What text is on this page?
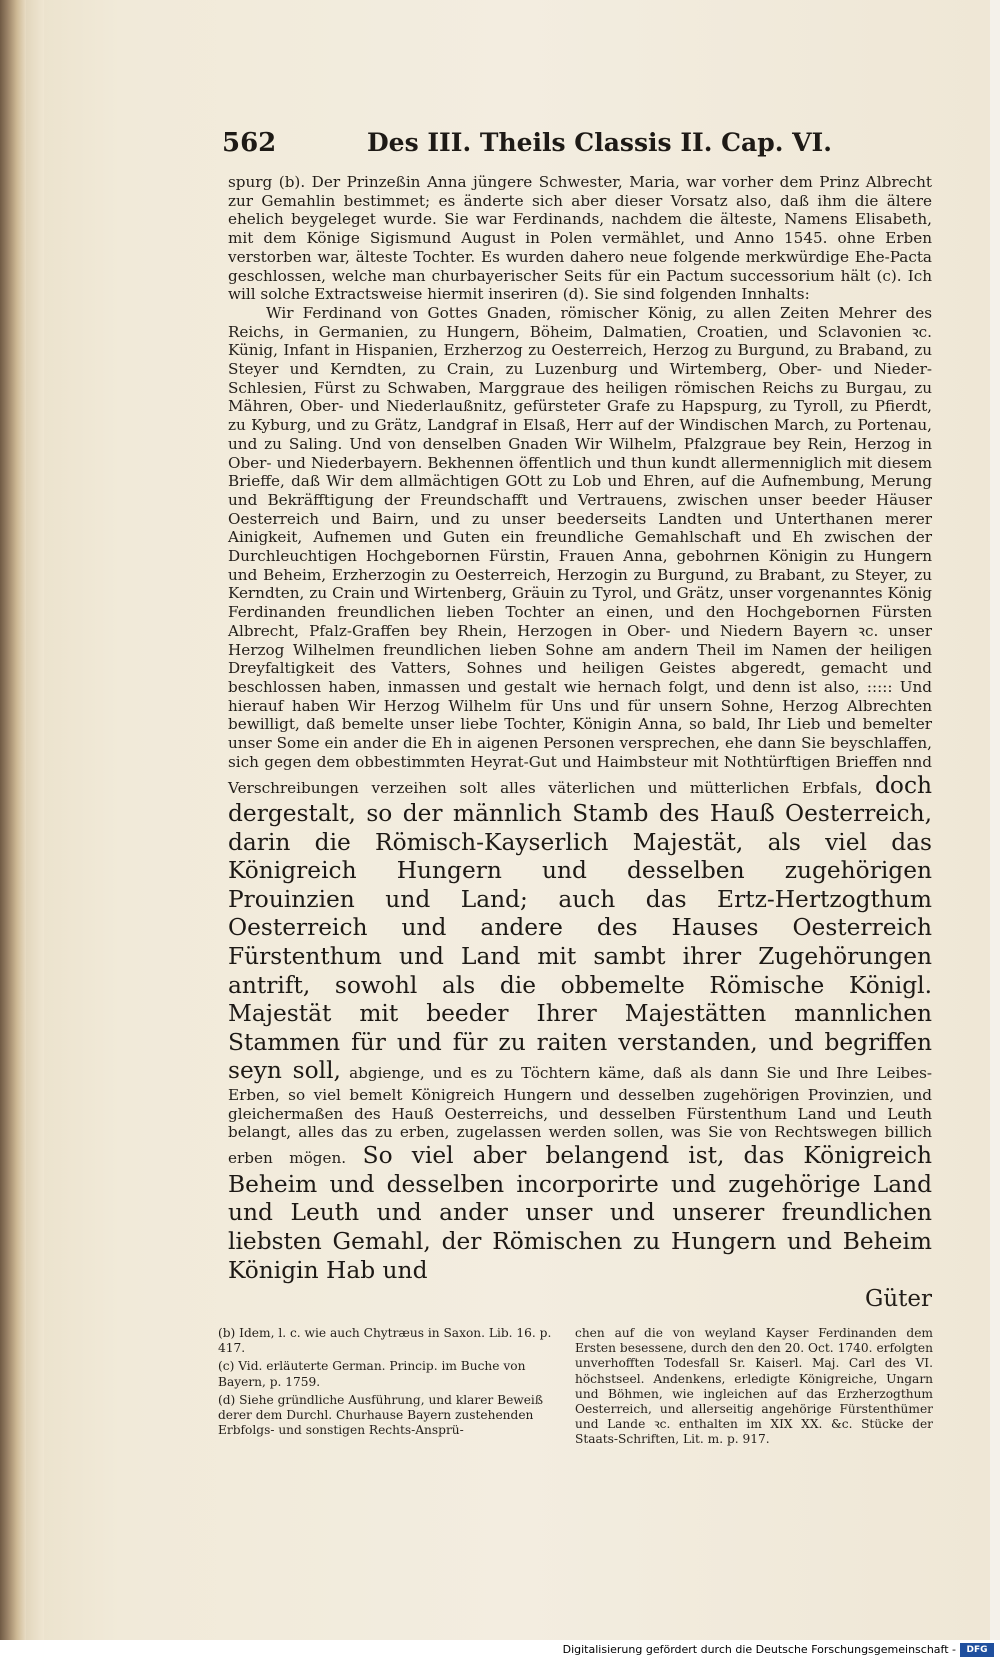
562	Des III. Theils Classis II. Cap. VI.

spurg (b). Der Prinzeßin Anna jüngere Schwester, Maria, war vorher dem Prinz Albrecht zur Gemahlin bestimmet; es änderte sich aber dieser Vorsatz also, daß ihm die ältere ehelich beygeleget wurde. Sie war Ferdinands, nachdem die älteste, Namens Elisabeth, mit dem Könige Sigismund August in Polen vermählet, und Anno 1545. ohne Erben verstorben war, älteste Tochter. Es wurden dahero neue folgende merkwürdige Ehe-Pacta geschlossen, welche man churbayerischer Seits für ein Pactum successorium hält (c). Ich will solche Extractsweise hiermit inseriren (d). Sie sind folgenden Innhalts:

Wir Ferdinand von Gottes Gnaden, römischer König, zu allen Zeiten Mehrer des Reichs, in Germanien, zu Hungern, Böheim, Dalmatien, Croatien, und Sclavonien ꝛc. Künig, Infant in Hispanien, Erzherzog zu Oesterreich, Herzog zu Burgund, zu Braband, zu Steyer und Kerndten, zu Crain, zu Luzenburg und Wirtemberg, Ober- und Nieder-Schlesien, Fürst zu Schwaben, Marggraue des heiligen römischen Reichs zu Burgau, zu Mähren, Ober- und Niederlaußnitz, gefürsteter Grafe zu Hapspurg, zu Tyroll, zu Pfierdt, zu Kyburg, und zu Grätz, Landgraf in Elsaß, Herr auf der Windischen March, zu Portenau, und zu Saling. Und von denselben Gnaden Wir Wilhelm, Pfalzgraue bey Rein, Herzog in Ober- und Niederbayern. Bekhennen öffentlich und thun kundt allermenniglich mit diesem Brieffe, daß Wir dem allmächtigen GOtt zu Lob und Ehren, auf die Aufnembung, Merung und Bekräfftigung der Freundschafft und Vertrauens, zwischen unser beeder Häuser Oesterreich und Bairn, und zu unser beederseits Landten und Unterthanen merer Ainigkeit, Aufnemen und Guten ein freundliche Gemahlschaft und Eh zwischen der Durchleuchtigen Hochgebornen Fürstin, Frauen Anna, gebohrnen Königin zu Hungern und Beheim, Erzherzogin zu Oesterreich, Herzogin zu Burgund, zu Brabant, zu Steyer, zu Kerndten, zu Crain und Wirtenberg, Gräuin zu Tyrol, und Grätz, unser vorgenanntes König Ferdinanden freundlichen lieben Tochter an einen, und den Hochgebornen Fürsten Albrecht, Pfalz-Graffen bey Rhein, Herzogen in Ober- und Niedern Bayern ꝛc. unser Herzog Wilhelmen freundlichen lieben Sohne am andern Theil im Namen der heiligen Dreyfaltigkeit des Vatters, Sohnes und heiligen Geistes abgeredt, gemacht und beschlossen haben, inmassen und gestalt wie hernach folgt, und denn ist also, ::::: Und hierauf haben Wir Herzog Wilhelm für Uns und für unsern Sohne, Herzog Albrechten bewilligt, daß bemelte unser liebe Tochter, Königin Anna, so bald, Ihr Lieb und bemelter unser Some ein ander die Eh in aigenen Personen versprechen, ehe dann Sie beyschlaffen, sich gegen dem obbestimmten Heyrat-Gut und Haimbsteur mit Nothtürftigen Brieffen nnd Verschreibungen verzeihen solt alles väterlichen und mütterlichen Erbfals, doch dergestalt, so der männlich Stamb des Hauß Oesterreich, darin die Römisch-Kayserlich Majestät, als viel das Königreich Hungern und desselben zugehörigen Prouinzien und Land; auch das Ertz-Hertzogthum Oesterreich und andere des Hauses Oesterreich Fürstenthum und Land mit sambt ihrer Zugehörungen antrift, sowohl als die obbemelte Römische Königl. Majestät mit beeder Ihrer Majestätten mannlichen Stammen für und für zu raiten verstanden, und begriffen seyn soll, abgienge, und es zu Töchtern käme, daß als dann Sie und Ihre Leibes-Erben, so viel bemelt Königreich Hungern und desselben zugehörigen Provinzien, und gleichermaßen des Hauß Oesterreichs, und desselben Fürstenthum Land und Leuth belangt, alles das zu erben, zugelassen werden sollen, was Sie von Rechtswegen billich erben mögen. So viel aber belangend ist, das Königreich Beheim und desselben incorporirte und zugehörige Land und Leuth und ander unser und unserer freundlichen liebsten Gemahl, der Römischen zu Hungern und Beheim Königin Hab und

Güter

(b) Idem, l. c. wie auch Chytræus in Saxon. Lib. 16. p. 417.

(c) Vid. erläuterte German. Princip. im Buche von Bayern, p. 1759.

(d) Siehe gründliche Ausführung, und klarer Beweiß derer dem Durchl. Churhause Bayern zustehenden Erbfolgs- und sonstigen Rechts-Ansprü-

chen auf die von weyland Kayser Ferdinanden dem Ersten besessene, durch den den 20. Oct. 1740. erfolgten unverhofften Todesfall Sr. Kaiserl. Maj. Carl des VI. höchstseel. Andenkens, erledigte Königreiche, Ungarn und Böhmen, wie ingleichen auf das Erzherzogthum Oesterreich, und allerseitig angehörige Fürstenthümer und Lande ꝛc. enthalten im XIX XX. &c. Stücke der Staats-Schriften, Lit. m. p. 917.

Digitalisierung gefördert durch die Deutsche Forschungsgemeinschaft -	DFG
